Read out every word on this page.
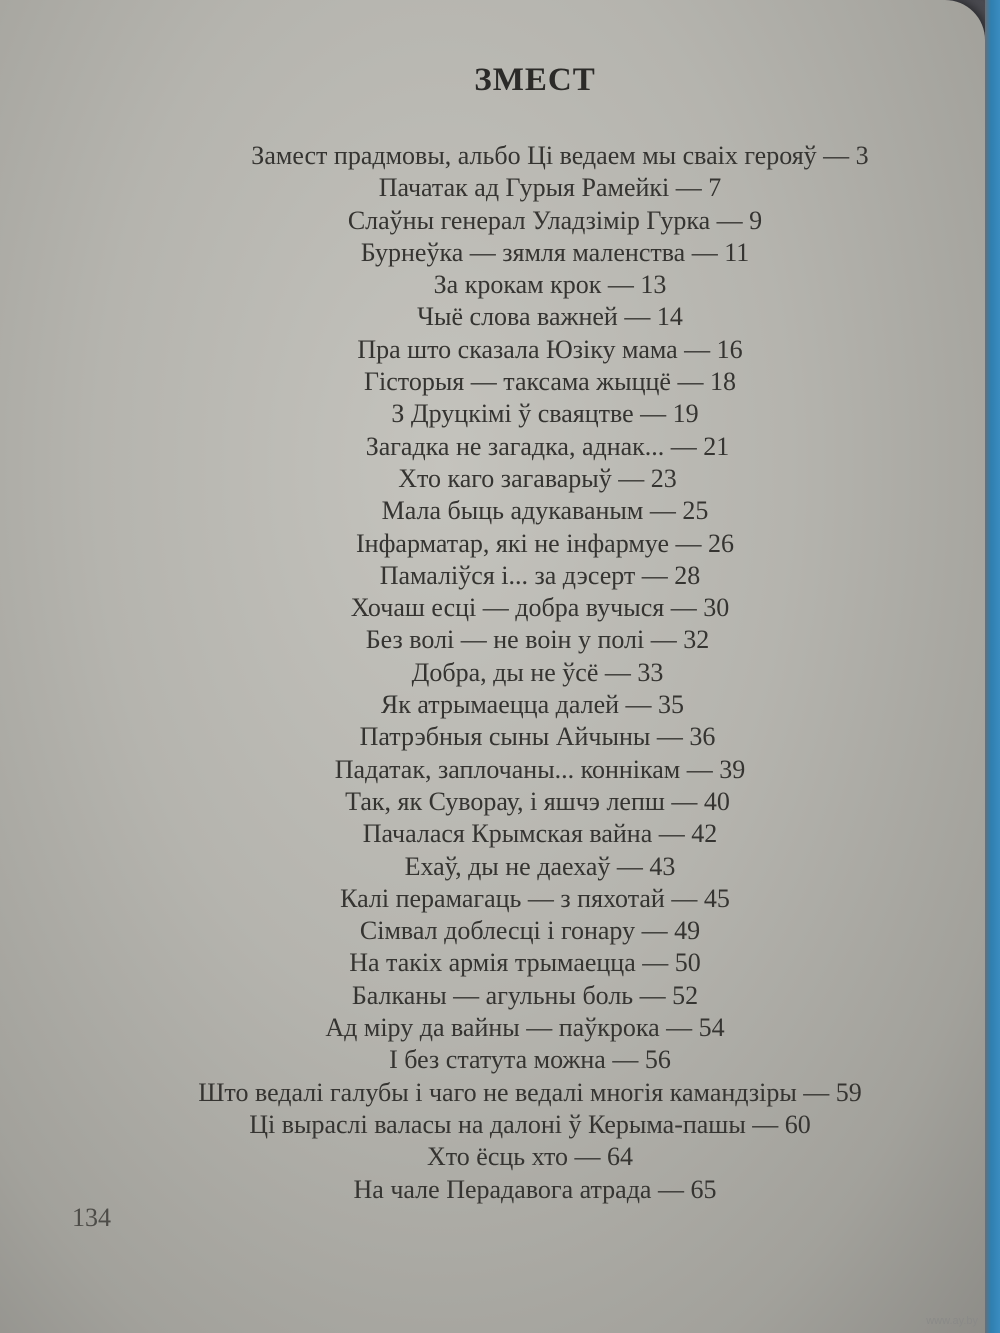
ЗМЕСТ
Замест прадмовы, альбо Ці ведаем мы сваіх герояў — 3
Пачатак ад Гурыя Рамейкі — 7
Слаўны генерал Уладзімір Гурка — 9
Бурнеўка — зямля маленства — 11
За крокам крок — 13
Чыё слова важней — 14
Пра што сказала Юзіку мама — 16
Гісторыя — таксама жыццё — 18
З Друцкімі ў сваяцтве — 19
Загадка не загадка, аднак... — 21
Хто каго загаварыў — 23
Мала быць адукаваным — 25
Інфарматар, які не інфармуе — 26
Памаліўся і... за дэсерт — 28
Хочаш есці — добра вучыся — 30
Без волі — не воін у полі — 32
Добра, ды не ўсё — 33
Як атрымаецца далей — 35
Патрэбныя сыны Айчыны — 36
Падатак, заплочаны... коннікам — 39
Так, як Суворау, і яшчэ лепш — 40
Пачалася Крымская вайна — 42
Ехаў, ды не даехаў — 43
Калі перамагаць — з пяхотай — 45
Сімвал доблесці і гонару — 49
На такіх армія трымаецца — 50
Балканы — агульны боль — 52
Ад міру да вайны — паўкрока — 54
І без статута можна — 56
Што ведалі галубы і чаго не ведалі многія камандзіры — 59
Ці выраслі валасы на далоні ў Керыма-пашы — 60
Хто ёсць хто — 64
На чале Перадавога атрада — 65
134
www.ay.by
